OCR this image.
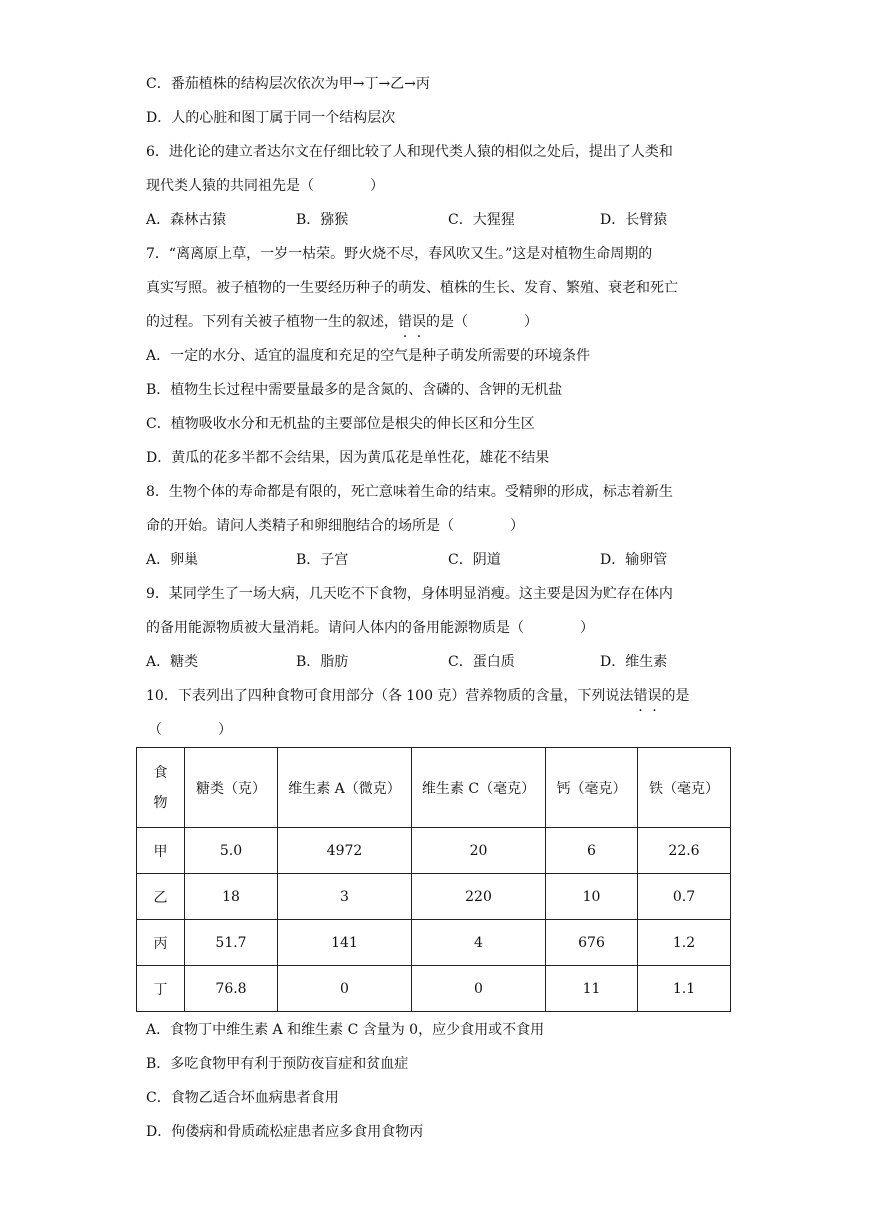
C．番茄植株的结构层次依次为甲→丁→乙→丙
D．人的心脏和图丁属于同一个结构层次
6．进化论的建立者达尔文在仔细比较了人和现代类人猿的相似之处后，提出了人类和
现代类人猿的共同祖先是（　　　　）
A．森林古猿	B．猕猴	C．大猩猩	D．长臂猿
7．“离离原上草，一岁一枯荣。野火烧不尽，春风吹又生。”这是对植物生命周期的
真实写照。被子植物的一生要经历种子的萌发、植株的生长、发育、繁殖、衰老和死亡
的过程。下列有关被子植物一生的叙述，错误的是（　　　　）
A．一定的水分、适宜的温度和充足的空气是种子萌发所需要的环境条件
B．植物生长过程中需要量最多的是含氮的、含磷的、含钾的无机盐
C．植物吸收水分和无机盐的主要部位是根尖的伸长区和分生区
D．黄瓜的花多半都不会结果，因为黄瓜花是单性花，雄花不结果
8．生物个体的寿命都是有限的，死亡意味着生命的结束。受精卵的形成，标志着新生
命的开始。请问人类精子和卵细胞结合的场所是（　　　　）
A．卵巢	B．子宫	C．阴道	D．输卵管
9．某同学生了一场大病，几天吃不下食物，身体明显消瘦。这主要是因为贮存在体内
的备用能源物质被大量消耗。请问人体内的备用能源物质是（　　　　）
A．糖类	B．脂肪	C．蛋白质	D．维生素
10．下表列出了四种食物可食用部分（各 100 克）营养物质的含量，下列说法错误的是
（　　　　）
食
物	糖类（克）	维生素 A（微克）	维生素 C（毫克）	钙（毫克）	铁（毫克）
甲	5.0	4972	20	6	22.6
乙	18	3	220	10	0.7
丙	51.7	141	4	676	1.2
丁	76.8	0	0	11	1.1
A．食物丁中维生素 A 和维生素 C 含量为 0，应少食用或不食用
B．多吃食物甲有利于预防夜盲症和贫血症
C．食物乙适合坏血病患者食用
D．佝偻病和骨质疏松症患者应多食用食物丙
